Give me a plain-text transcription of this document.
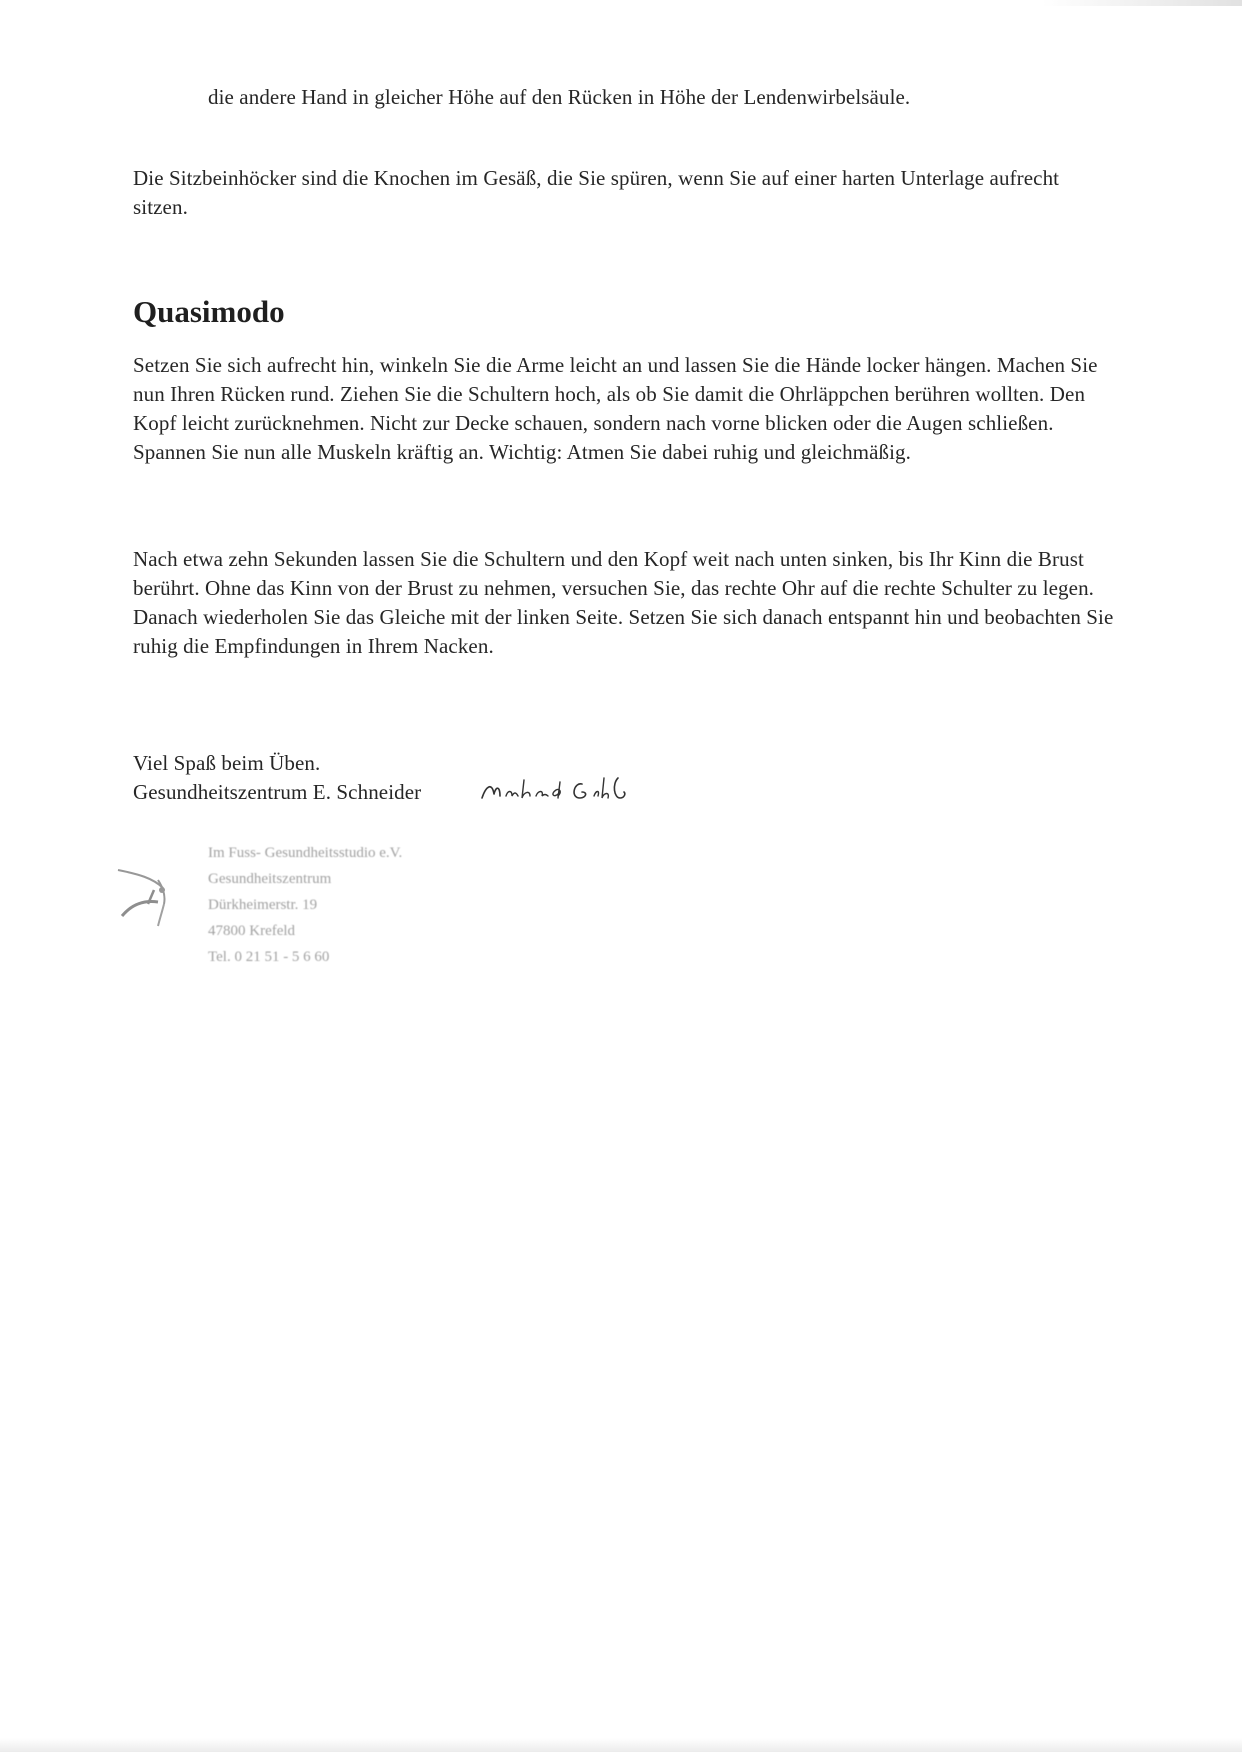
die andere Hand in gleicher Höhe auf den Rücken in Höhe der Lendenwirbelsäule.

Die Sitzbeinhöcker sind die Knochen im Gesäß, die Sie spüren, wenn Sie auf einer harten Unterlage aufrecht sitzen.

Quasimodo

Setzen Sie sich aufrecht hin, winkeln Sie die Arme leicht an und lassen Sie die Hände locker hängen. Machen Sie nun Ihren Rücken rund. Ziehen Sie die Schultern hoch, als ob Sie damit die Ohrläppchen berühren wollten. Den Kopf leicht zurücknehmen. Nicht zur Decke schauen, sondern nach vorne blicken oder die Augen schließen. Spannen Sie nun alle Muskeln kräftig an. Wichtig: Atmen Sie dabei ruhig und gleichmäßig.

Nach etwa zehn Sekunden lassen Sie die Schultern und den Kopf weit nach unten sinken, bis Ihr Kinn die Brust berührt. Ohne das Kinn von der Brust zu nehmen, versuchen Sie, das rechte Ohr auf die rechte Schulter zu legen. Danach wiederholen Sie das Gleiche mit der linken Seite. Setzen Sie sich danach entspannt hin und beobachten Sie ruhig die Empfindungen in Ihrem Nacken.

Viel Spaß beim Üben.
Gesundheitszentrum E. Schneider
Im Fuss- Gesundheitsstudio e.V.
Gesundheitszentrum
Dürkheimerstr. 19
47800 Krefeld
Tel. 0 21 51 - 5 6 60
